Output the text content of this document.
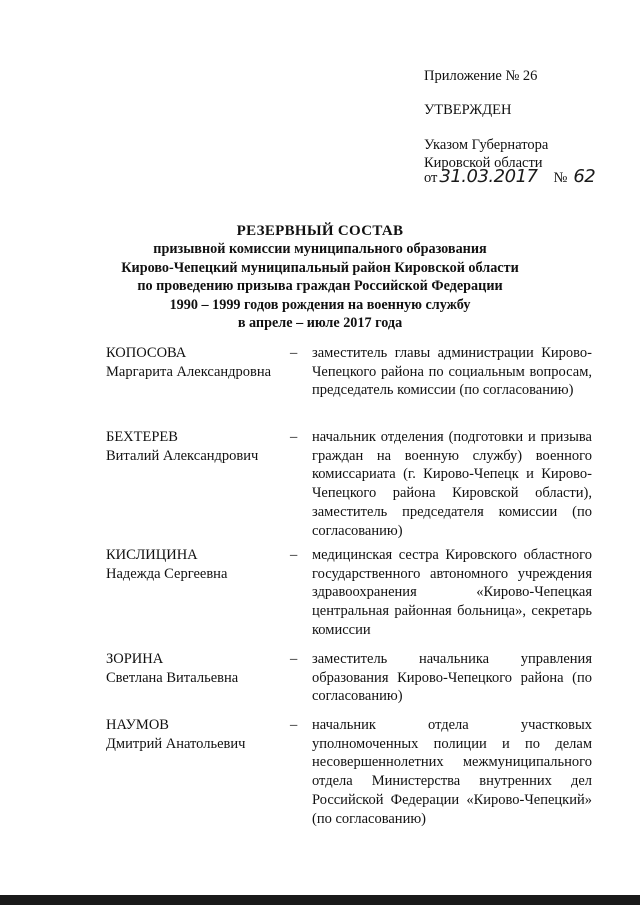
Приложение № 26
УТВЕРЖДЕН
Указом Губернатора
Кировской области
от 31.03.2017 № 62
РЕЗЕРВНЫЙ СОСТАВ
призывной комиссии муниципального образования
Кирово-Чепецкий муниципальный район Кировской области
по проведению призыва граждан Российской Федерации
1990 – 1999 годов рождения на военную службу
в апреле – июле 2017 года
КОПОСОВА
Маргарита Александровна
– заместитель главы администрации Кирово-Чепецкого района по социальным вопросам, председатель комиссии (по согласованию)
БЕХТЕРЕВ
Виталий Александрович
– начальник отделения (подготовки и призыва граждан на военную службу) военного комиссариата (г. Кирово-Чепецк и Кирово-Чепецкого района Кировской области), заместитель председателя комиссии (по согласованию)
КИСЛИЦИНА
Надежда Сергеевна
– медицинская сестра Кировского областного государственного автономного учреждения здравоохранения «Кирово-Чепецкая центральная районная больница», секретарь комиссии
ЗОРИНА
Светлана Витальевна
– заместитель начальника управления образования Кирово-Чепецкого района (по согласованию)
НАУМОВ
Дмитрий Анатольевич
– начальник отдела участковых уполномоченных полиции и по делам несовершеннолетних межмуниципального отдела Министерства внутренних дел Российской Федерации «Кирово-Чепецкий» (по согласованию)
